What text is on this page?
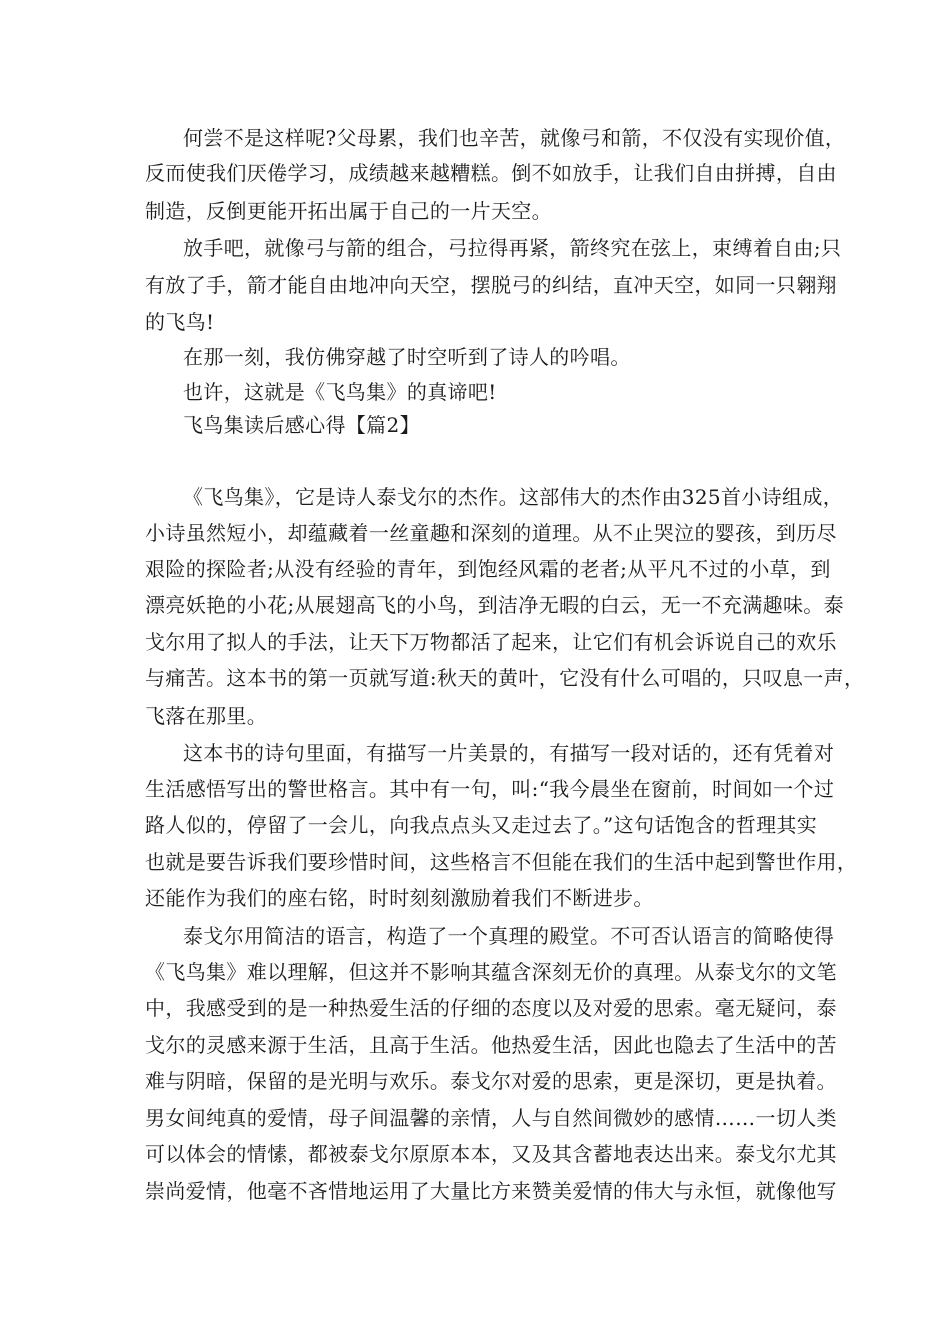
何尝不是这样呢?父母累，我们也辛苦，就像弓和箭，不仅没有实现价值，
反而使我们厌倦学习，成绩越来越糟糕。倒不如放手，让我们自由拼搏，自由
制造，反倒更能开拓出属于自己的一片天空。
放手吧，就像弓与箭的组合，弓拉得再紧，箭终究在弦上，束缚着自由;只
有放了手，箭才能自由地冲向天空，摆脱弓的纠结，直冲天空，如同一只翱翔
的飞鸟!
在那一刻，我仿佛穿越了时空听到了诗人的吟唱。
也许，这就是《飞鸟集》的真谛吧!
飞鸟集读后感心得【篇2】
《飞鸟集》，它是诗人泰戈尔的杰作。这部伟大的杰作由325首小诗组成，
小诗虽然短小，却蕴藏着一丝童趣和深刻的道理。从不止哭泣的婴孩，到历尽
艰险的探险者;从没有经验的青年，到饱经风霜的老者;从平凡不过的小草，到
漂亮妖艳的小花;从展翅高飞的小鸟，到洁净无暇的白云，无一不充满趣味。泰
戈尔用了拟人的手法，让天下万物都活了起来，让它们有机会诉说自己的欢乐
与痛苦。这本书的第一页就写道:秋天的黄叶，它没有什么可唱的，只叹息一声，
飞落在那里。
这本书的诗句里面，有描写一片美景的，有描写一段对话的，还有凭着对
生活感悟写出的警世格言。其中有一句，叫:“我今晨坐在窗前，时间如一个过
路人似的，停留了一会儿，向我点点头又走过去了。”这句话饱含的哲理其实
也就是要告诉我们要珍惜时间，这些格言不但能在我们的生活中起到警世作用，
还能作为我们的座右铭，时时刻刻激励着我们不断进步。
泰戈尔用简洁的语言，构造了一个真理的殿堂。不可否认语言的简略使得
《飞鸟集》难以理解，但这并不影响其蕴含深刻无价的真理。从泰戈尔的文笔
中，我感受到的是一种热爱生活的仔细的态度以及对爱的思索。毫无疑问，泰
戈尔的灵感来源于生活，且高于生活。他热爱生活，因此也隐去了生活中的苦
难与阴暗，保留的是光明与欢乐。泰戈尔对爱的思索，更是深切，更是执着。
男女间纯真的爱情，母子间温馨的亲情，人与自然间微妙的感情……一切人类
可以体会的情愫，都被泰戈尔原原本本，又及其含蓄地表达出来。泰戈尔尤其
崇尚爱情，他毫不吝惜地运用了大量比方来赞美爱情的伟大与永恒，就像他写
